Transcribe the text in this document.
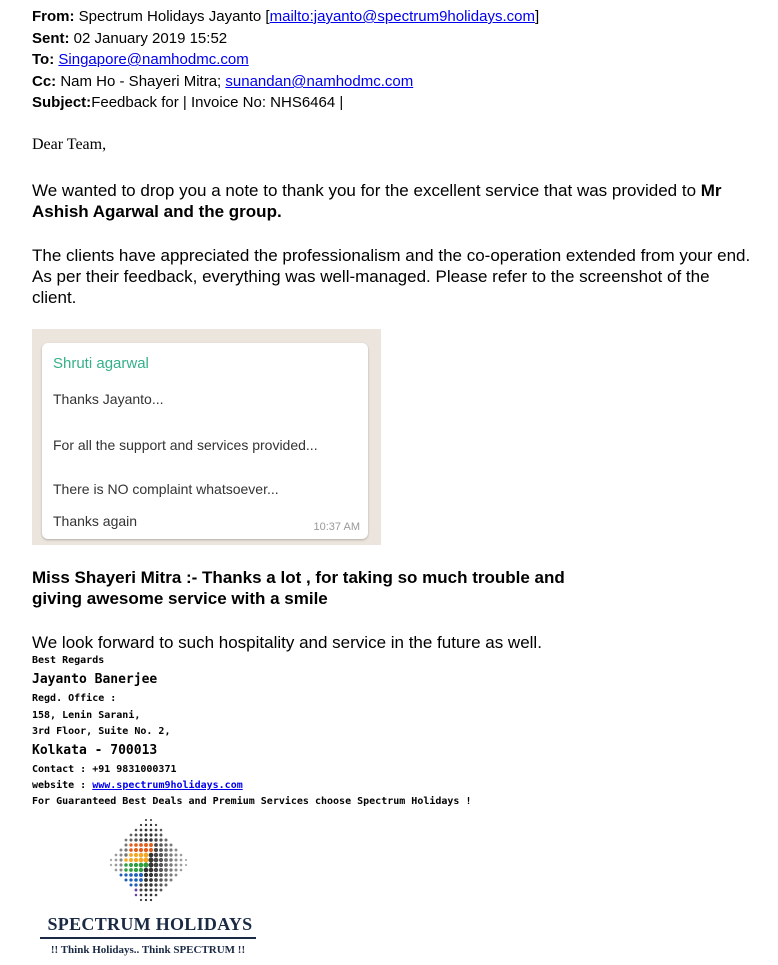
From: Spectrum Holidays Jayanto [mailto:jayanto@spectrum9holidays.com]
Sent: 02 January 2019 15:52
To: Singapore@namhodmc.com
Cc: Nam Ho - Shayeri Mitra; sunandan@namhodmc.com
Subject:Feedback for | Invoice No: NHS6464 |
Dear Team,
We wanted to drop you a note to thank you for the excellent service that was provided to Mr Ashish Agarwal and the group.
The clients have appreciated the professionalism and the co-operation extended from your end. As per their feedback, everything was well-managed. Please refer to the screenshot of the client.
Shruti agarwal
Thanks Jayanto...
For all the support and services provided...
There is NO complaint whatsoever...
Thanks again	10:37 AM
Miss Shayeri Mitra :- Thanks a lot , for taking so much trouble and
giving awesome service with a smile
We look forward to such hospitality and service in the future as well.
Best Regards
Jayanto Banerjee
Regd. Office :
158, Lenin Sarani,
3rd Floor, Suite No. 2,
Kolkata - 700013
Contact : +91 9831000371
website : www.spectrum9holidays.com
For Guaranteed Best Deals and Premium Services choose Spectrum Holidays !
SPECTRUM HOLIDAYS
!! Think Holidays.. Think SPECTRUM !!
